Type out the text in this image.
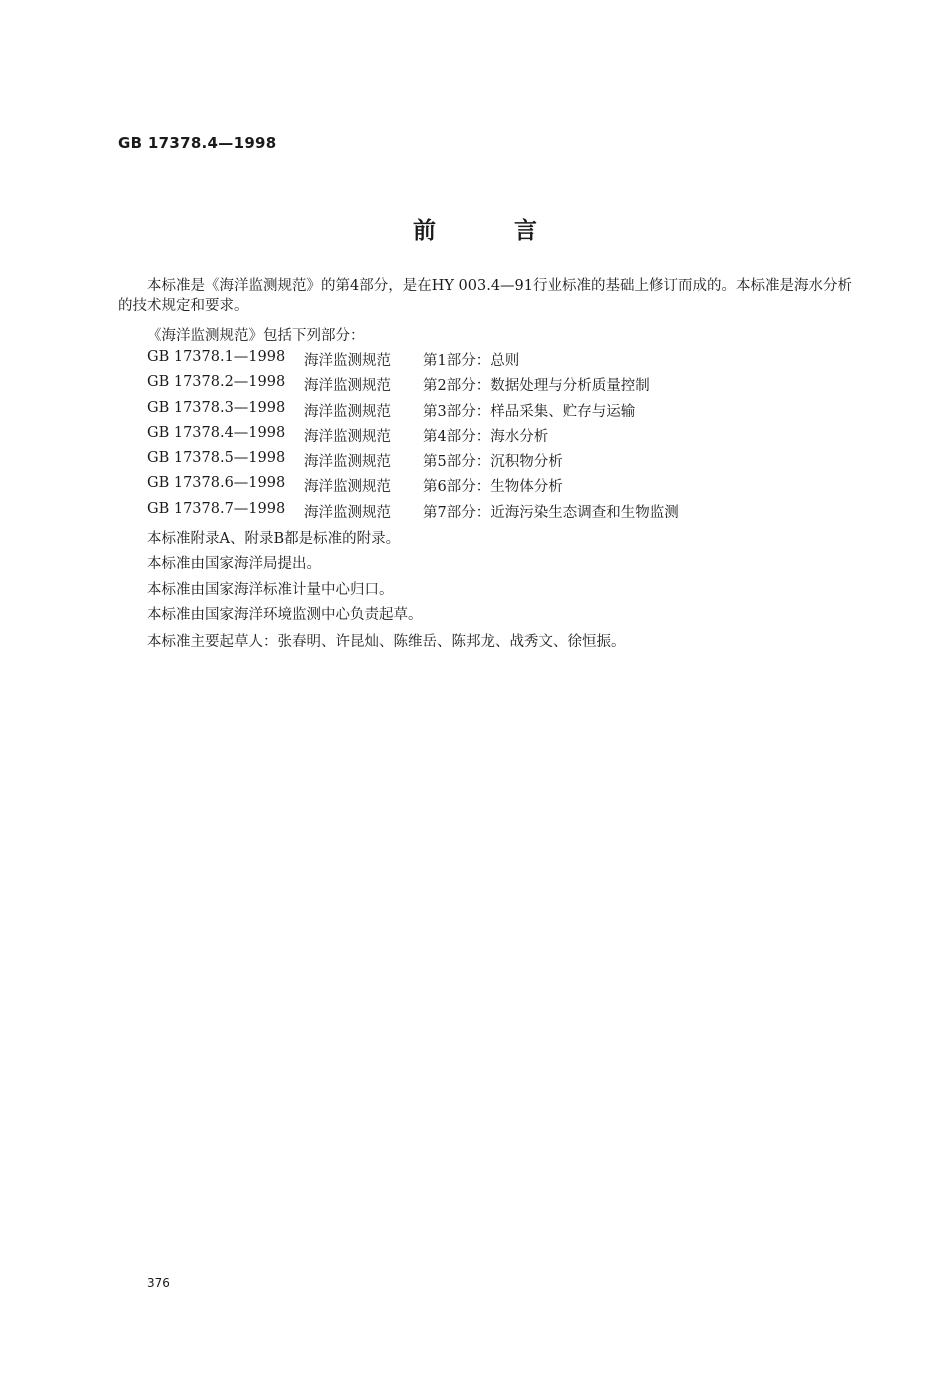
GB 17378.4—1998
前言
本标准是《海洋监测规范》的第4部分，是在HY 003.4—91行业标准的基础上修订而成的。本标准是海水分析的技术规定和要求。
《海洋监测规范》包括下列部分：
GB 17378.1—1998 海洋监测规范 第1部分：总则
GB 17378.2—1998 海洋监测规范 第2部分：数据处理与分析质量控制
GB 17378.3—1998 海洋监测规范 第3部分：样品采集、贮存与运输
GB 17378.4—1998 海洋监测规范 第4部分：海水分析
GB 17378.5—1998 海洋监测规范 第5部分：沉积物分析
GB 17378.6—1998 海洋监测规范 第6部分：生物体分析
GB 17378.7—1998 海洋监测规范 第7部分：近海污染生态调查和生物监测
本标准附录A、附录B都是标准的附录。
本标准由国家海洋局提出。
本标准由国家海洋标准计量中心归口。
本标准由国家海洋环境监测中心负责起草。
本标准主要起草人：张春明、许昆灿、陈维岳、陈邦龙、战秀文、徐恒振。
376
